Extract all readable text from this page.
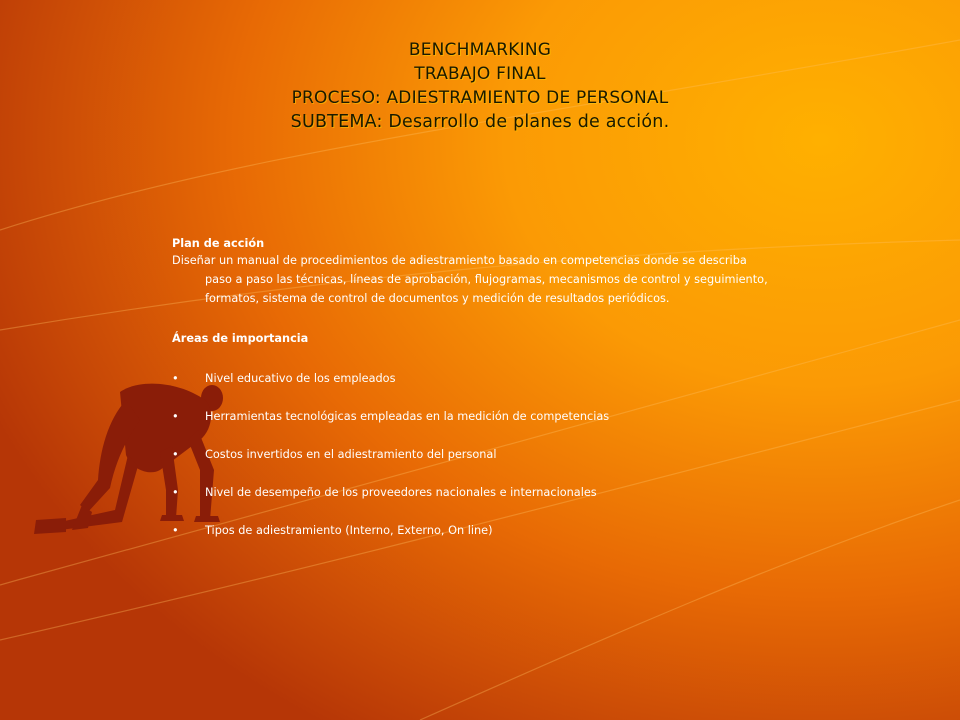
BENCHMARKING
TRABAJO FINAL
PROCESO: ADIESTRAMIENTO DE PERSONAL
SUBTEMA: Desarrollo de planes de acción.
Plan de acción
Diseñar un manual de procedimientos de adiestramiento basado en competencias donde se describa
paso a paso las técnicas, líneas de aprobación, flujogramas, mecanismos de control y seguimiento,
formatos, sistema de control de documentos y medición de resultados periódicos.
Áreas de importancia
• Nivel educativo de los empleados
• Herramientas tecnológicas empleadas en la medición de competencias
• Costos invertidos en el adiestramiento del personal
• Nivel de desempeño de los proveedores nacionales e internacionales
• Tipos de adiestramiento (Interno, Externo, On line)
